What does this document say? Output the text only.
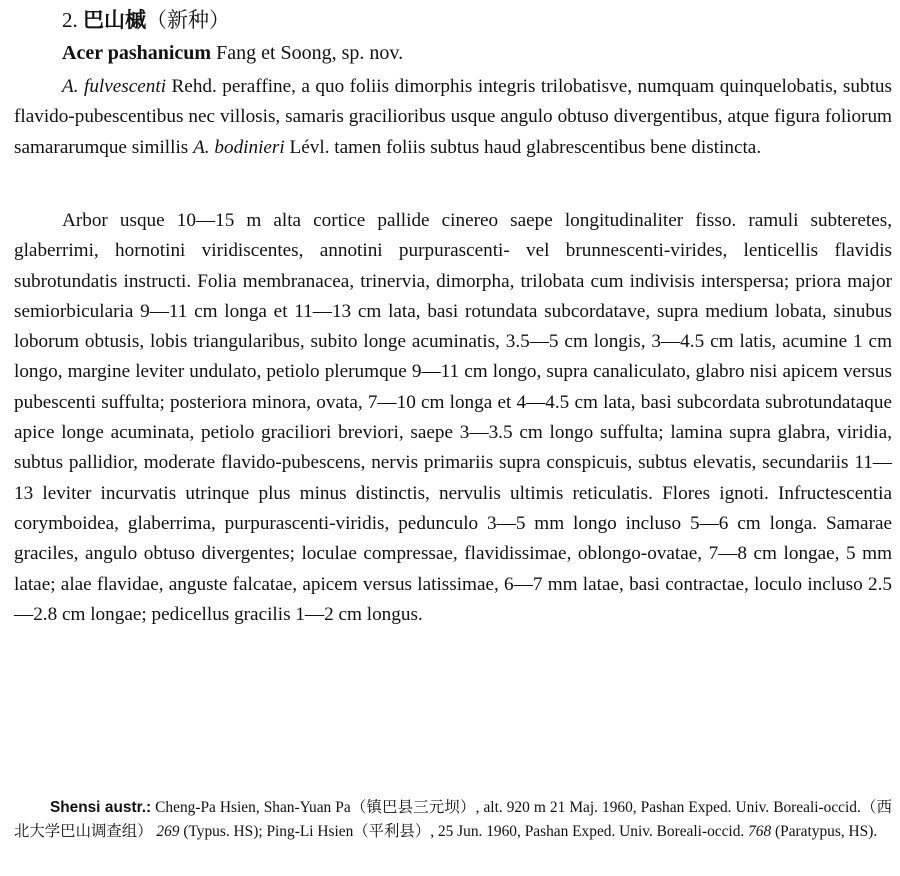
2. 巴山槭（新种）
Acer pashanicum Fang et Soong, sp. nov.

A. fulvescenti Rehd. peraffine, a quo foliis dimorphis integris trilobatisve, numquam quinquelobatis, subtus flavido-pubescentibus nec villosis, samaris gracilioribus usque angulo obtuso divergentibus, atque figura foliorum samararumque simillis A. bodinieri Lévl. tamen foliis subtus haud glabrescentibus bene distincta.

Arbor usque 10—15 m alta cortice pallide cinereo saepe longitudinaliter fisso. ramuli subteretes, glaberrimi, hornotini viridiscentes, annotini purpurascenti- vel brunnescenti-virides, lenticellis flavidis subrotundatis instructi. Folia membranacea, trinervia, dimorpha, trilobata cum indivisis interspersa; priora major semiorbicularia 9—11 cm longa et 11—13 cm lata, basi rotundata subcordatave, supra medium lobata, sinubus loborum obtusis, lobis triangularibus, subito longe acuminatis, 3.5—5 cm longis, 3—4.5 cm latis, acumine 1 cm longo, margine leviter undulato, petiolo plerumque 9—11 cm longo, supra canaliculato, glabro nisi apicem versus pubescenti suffulta; posteriora minora, ovata, 7—10 cm longa et 4—4.5 cm lata, basi subcordata subrotundataque apice longe acuminata, petiolo graciliori breviori, saepe 3—3.5 cm longo suffulta; lamina supra glabra, viridia, subtus pallidior, moderate flavido-pubescens, nervis primariis supra conspicuis, subtus elevatis, secundariis 11—13 leviter incurvatis utrinque plus minus distinctis, nervulis ultimis reticulatis. Flores ignoti. Infructescentia corymboidea, glaberrima, purpurascenti-viridis, pedunculo 3—5 mm longo incluso 5—6 cm longa. Samarae graciles, angulo obtuso divergentes; loculae compressae, flavidissimae, oblongo-ovatae, 7—8 cm longae, 5 mm latae; alae flavidae, anguste falcatae, apicem versus latissimae, 6—7 mm latae, basi contractae, loculo incluso 2.5—2.8 cm longae; pedicellus gracilis 1—2 cm longus.

Shensi austr.: Cheng-Pa Hsien, Shan-Yuan Pa（镇巴县三元坝）, alt. 920 m 21 Maj. 1960, Pashan Exped. Univ. Boreali-occid.（西北大学巴山调查组） 269 (Typus. HS); Ping-Li Hsien（平利县）, 25 Jun. 1960, Pashan Exped. Univ. Boreali-occid. 768 (Paratypus, HS).
